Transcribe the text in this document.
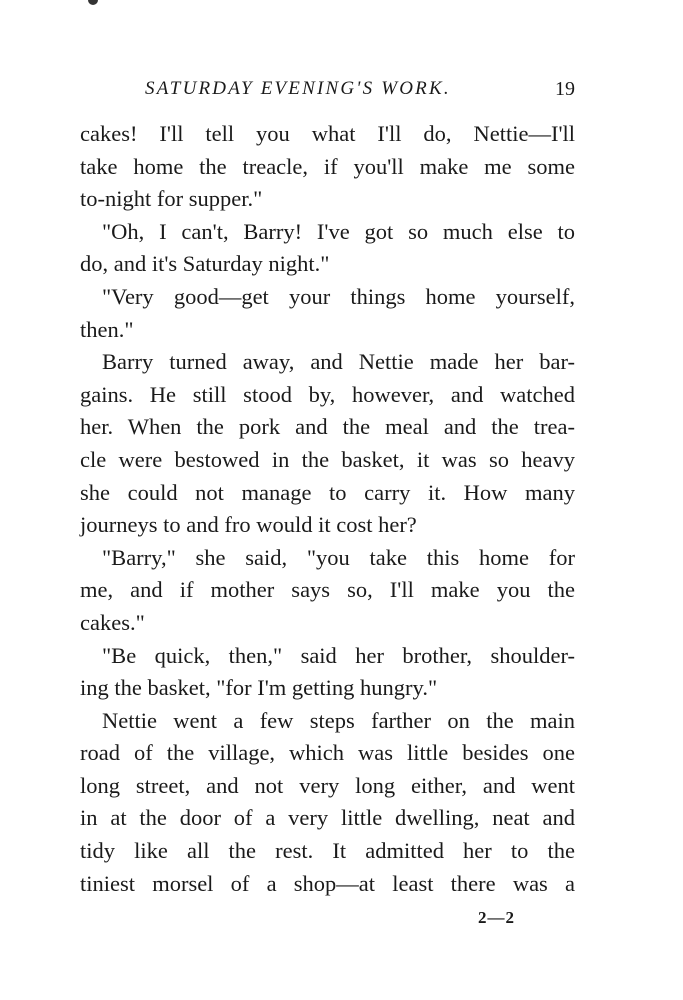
SATURDAY EVENING'S WORK.	19
cakes! I'll tell you what I'll do, Nettie—I'll
take home the treacle, if you'll make me some
to-night for supper."
"Oh, I can't, Barry! I've got so much else to
do, and it's Saturday night."
"Very good—get your things home yourself,
then."
Barry turned away, and Nettie made her bar-
gains. He still stood by, however, and watched
her. When the pork and the meal and the trea-
cle were bestowed in the basket, it was so heavy
she could not manage to carry it. How many
journeys to and fro would it cost her?
"Barry," she said, "you take this home for
me, and if mother says so, I'll make you the
cakes."
"Be quick, then," said her brother, shoulder-
ing the basket, "for I'm getting hungry."
Nettie went a few steps farther on the main
road of the village, which was little besides one
long street, and not very long either, and went
in at the door of a very little dwelling, neat and
tidy like all the rest. It admitted her to the
tiniest morsel of a shop—at least there was a
2—2
